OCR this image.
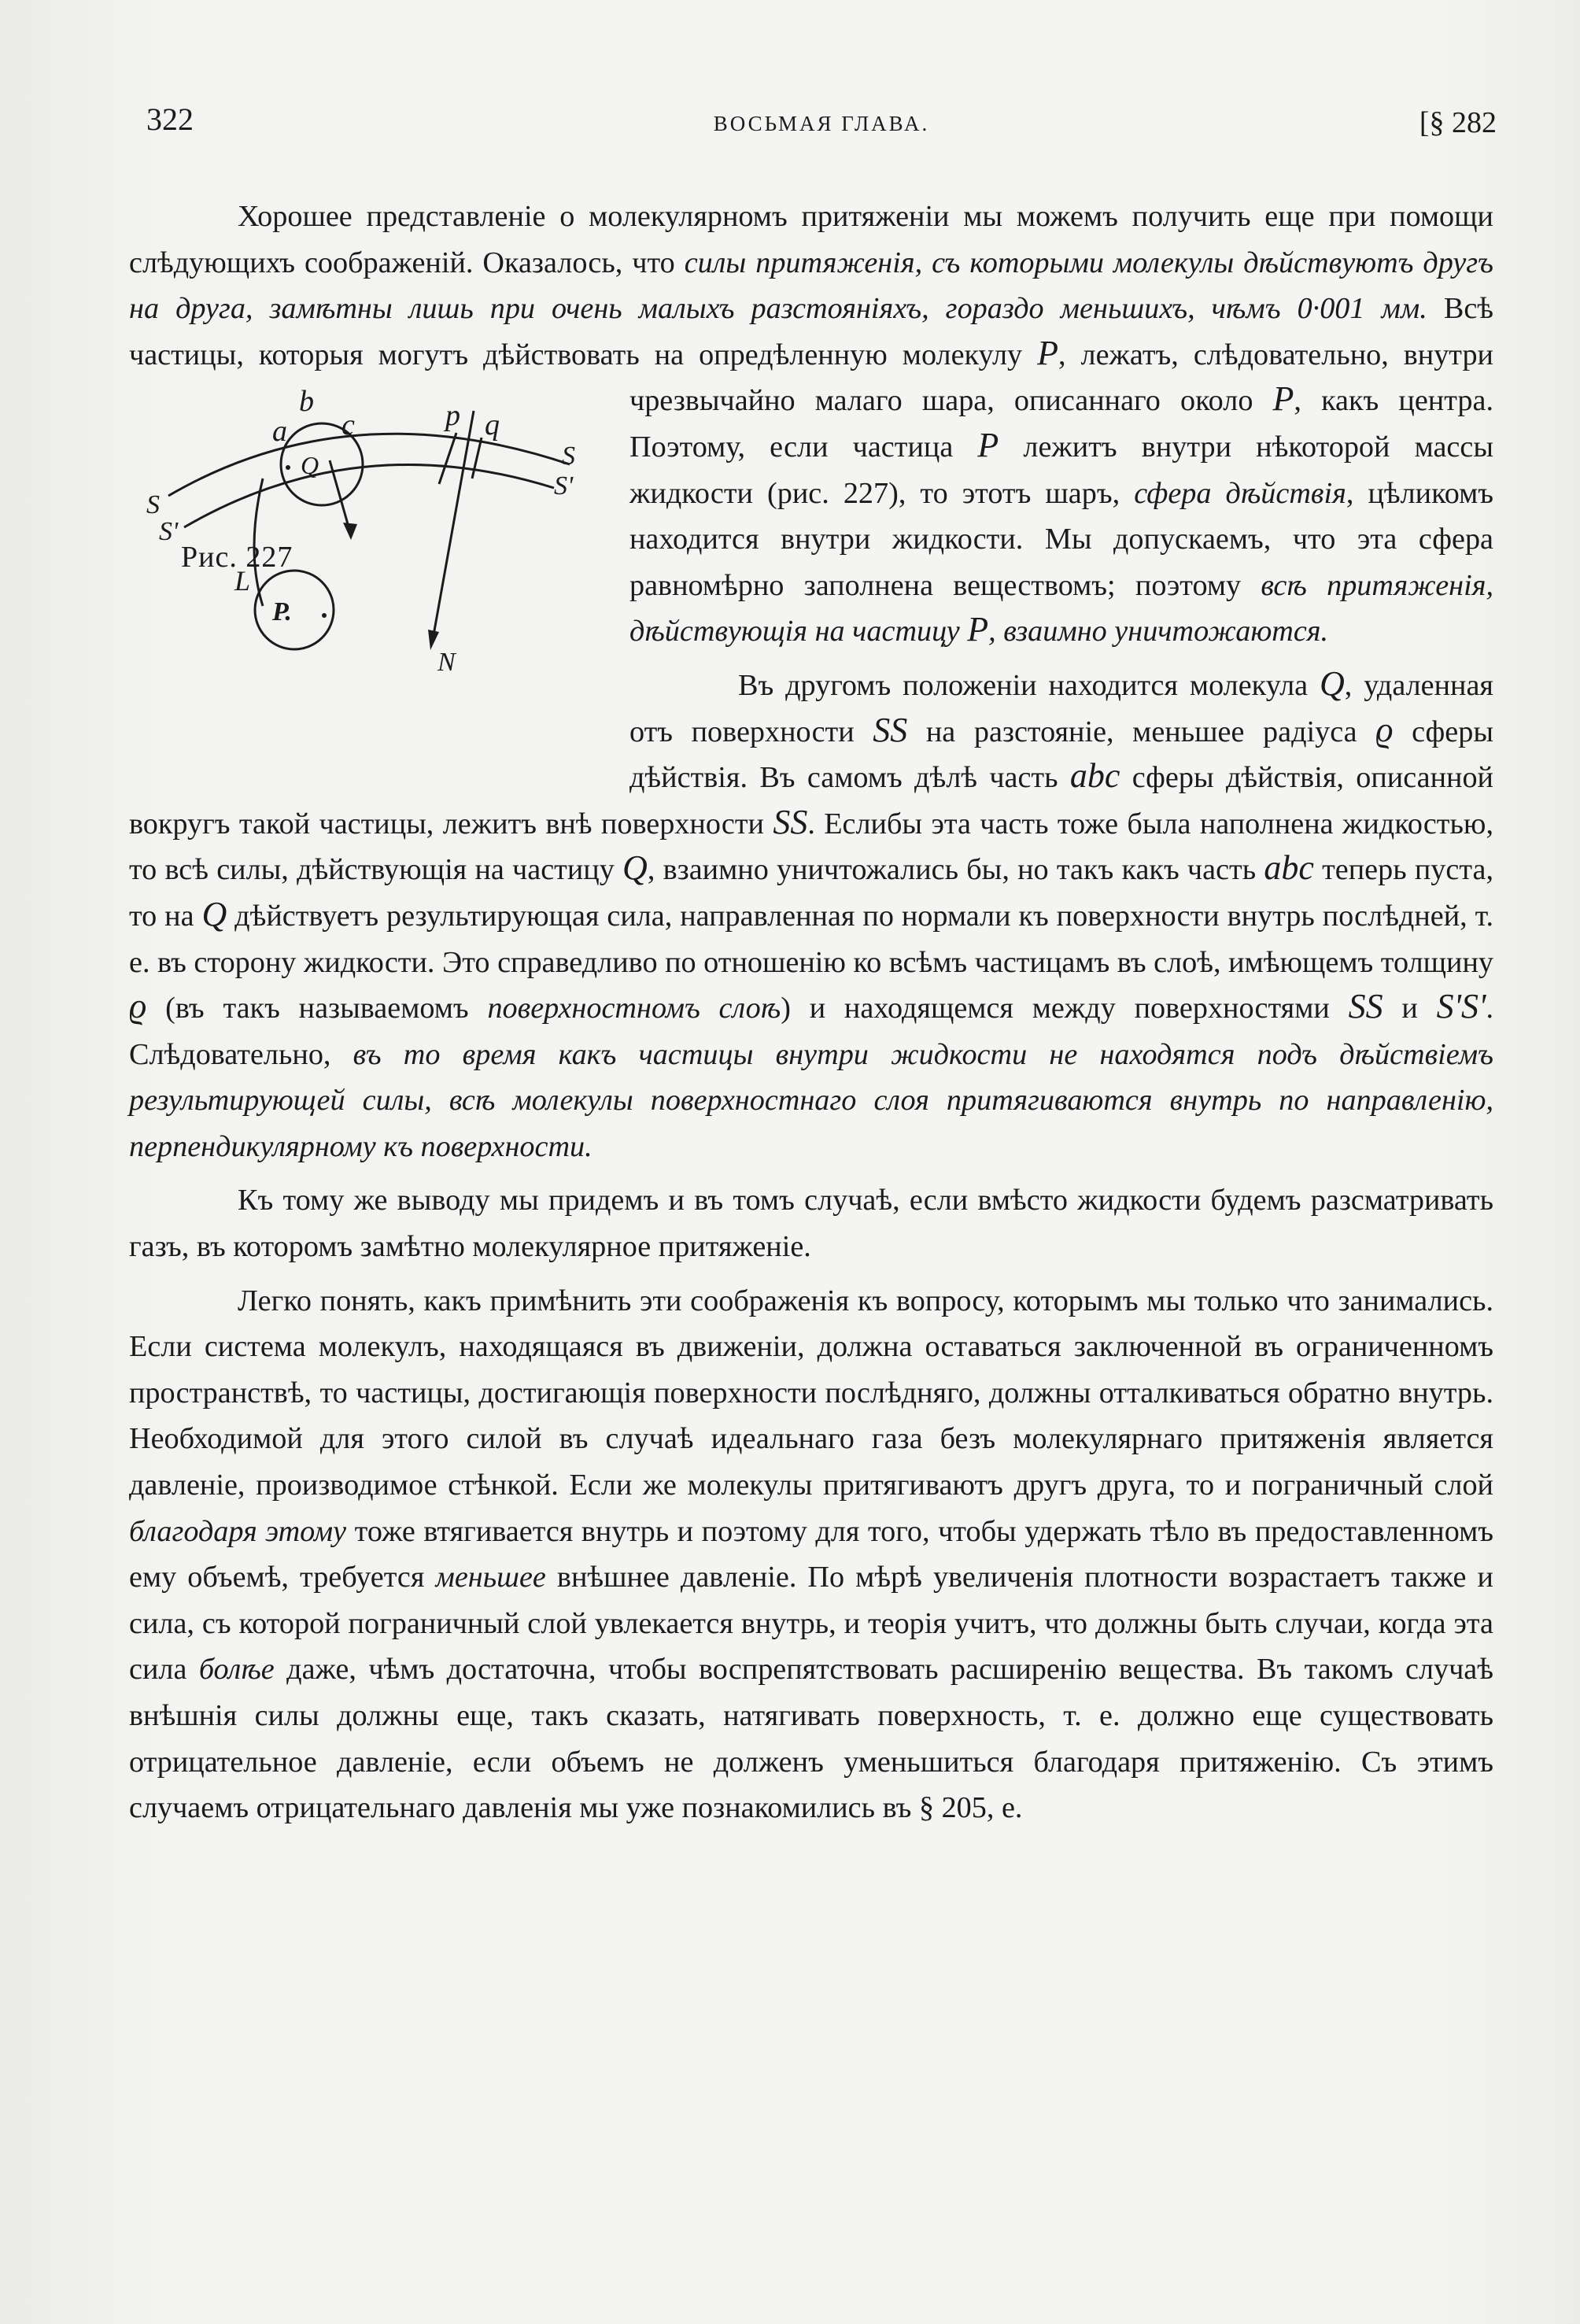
322	ВОСЬМАЯ ГЛАВА.	[§ 282

Хорошее представленіе о молекулярномъ притяженіи мы можемъ получить еще при помощи слѣдующихъ соображеній. Оказалось, что силы притяженія, съ которыми молекулы дѣйствуютъ другъ на друга, замѣтны лишь при очень малыхъ разстояніяхъ, гораздо меньшихъ, чѣмъ 0·001 мм. Всѣ частицы, которыя могутъ дѣйствовать на опредѣленную молекулу P, лежатъ, слѣдовательно, внутри чрезвычайно малаго шара, описаннаго около
b
a c	p q
Q	S
S'
S
S'
L
P.
N
P, какъ центра. Поэтому, если частица P лежитъ внутри нѣкоторой массы жидкости (рис. 227), то этотъ шаръ, сфера дѣйствія, цѣликомъ находится внутри жидкости. Мы допускаемъ, что эта сфера равномѣрно заполнена веществомъ; поэтому всѣ притяженія, дѣйствующія на частицу P, взаимно уничтожаются.

Въ другомъ положеніи находится молекула Q, удаленная отъ поверхности SS на разстояніе, меньшее радіуса ϱ сферы дѣйствія. Въ самомъ дѣлѣ часть abc сферы дѣйствія, описанной вокругъ такой частицы, лежитъ внѣ поверхности SS. Еслибы эта часть тоже была наполнена жидкостью, то всѣ силы, дѣйствующія на частицу Q, взаимно уничтожались бы, но такъ какъ часть abc теперь пуста, то на Q дѣйствуетъ результирующая сила, направленная по нормали къ поверхности внутрь послѣдней, т. е. въ сторону жидкости. Это справедливо по отношенію ко всѣмъ частицамъ въ слоѣ, имѣющемъ толщину ϱ (въ такъ называемомъ поверхностномъ слоѣ) и находящемся между поверхностями SS и S'S'. Слѣдовательно, въ то время какъ частицы внутри жидкости не находятся подъ дѣйствіемъ результирующей силы, всѣ молекулы поверхностнаго слоя притягиваются внутрь по направленію, перпендикулярному къ поверхности.

Къ тому же выводу мы придемъ и въ томъ случаѣ, если вмѣсто жидкости будемъ разсматривать газъ, въ которомъ замѣтно молекулярное притяженіе.

Легко понять, какъ примѣнить эти соображенія къ вопросу, которымъ мы только что занимались. Если система молекулъ, находящаяся въ движеніи, должна оставаться заключенной въ ограниченномъ пространствѣ, то частицы, достигающія поверхности послѣдняго, должны отталкиваться обратно внутрь. Необходимой для этого силой въ случаѣ идеальнаго газа безъ молекулярнаго притяженія является давленіе, производимое стѣнкой. Если же молекулы притягиваютъ другъ друга, то и пограничный слой благодаря этому тоже втягивается внутрь и поэтому для того, чтобы удержать тѣло въ предоставленномъ ему объемѣ, требуется меньшее внѣшнее давленіе. По мѣрѣ увеличенія плотности возрастаетъ также и сила, съ которой пограничный слой увлекается внутрь, и теорія учитъ, что должны быть случаи, когда эта сила болѣе даже, чѣмъ достаточна, чтобы воспрепятствовать расширенію вещества. Въ такомъ случаѣ внѣшнія силы должны еще, такъ сказать, натягивать поверхность, т. е. должно еще существовать отрицательное давленіе, если объемъ не долженъ уменьшиться благодаря притяженію. Съ этимъ случаемъ отрицательнаго давленія мы уже познакомились въ § 205, е.

Рис. 227
